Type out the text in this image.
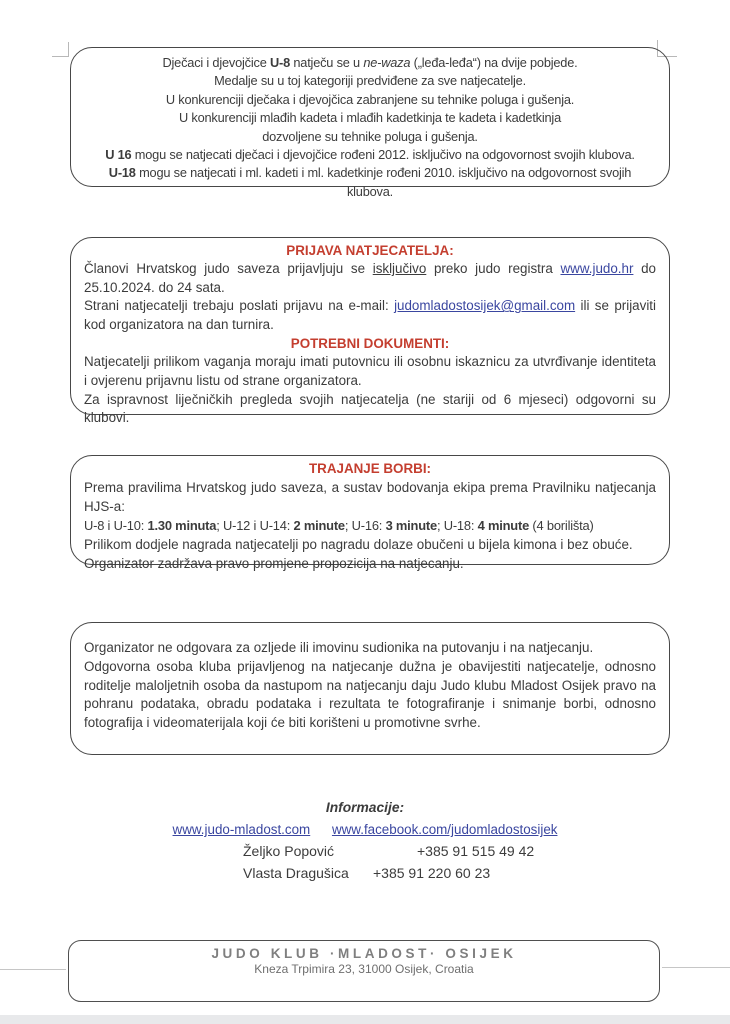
Dječaci i djevojčice U-8 natječu se u ne-waza („leđa-leđa“) na dvije pobjede.
Medalje su u toj kategoriji predviđene za sve natjecatelje.
U konkurenciji dječaka i djevojčica zabranjene su tehnike poluga i gušenja.
U konkurenciji mlađih kadeta i mlađih kadetkinja te kadeta i kadetkinja
dozvoljene su tehnike poluga i gušenja.
U 16 mogu se natjecati dječaci i djevojčice rođeni 2012. isključivo na odgovornost svojih klubova.
U-18 mogu se natjecati i ml. kadeti i ml. kadetkinje rođeni 2010. isključivo na odgovornost svojih
klubova.
PRIJAVA NATJECATELJA:

Članovi Hrvatskog judo saveza prijavljuju se isključivo preko judo registra www.judo.hr do 25.10.2024. do 24 sata.

Strani natjecatelji trebaju poslati prijavu na e-mail: judomladostosijek@gmail.com ili se prijaviti kod organizatora na dan turnira.

POTREBNI DOKUMENTI:

Natjecatelji prilikom vaganja moraju imati putovnicu ili osobnu iskaznicu za utvrđivanje identiteta i ovjerenu prijavnu listu od strane organizatora.

Za ispravnost liječničkih pregleda svojih natjecatelja (ne stariji od 6 mjeseci) odgovorni su klubovi.

TRAJANJE BORBI:

Prema pravilima Hrvatskog judo saveza, a sustav bodovanja ekipa prema Pravilniku natjecanja HJS-a:

U-8 i U-10: 1.30 minuta; U-12 i U-14: 2 minute; U-16: 3 minute; U-18: 4 minute (4 borilišta)

Prilikom dodjele nagrada natjecatelji po nagradu dolaze obučeni u bijela kimona i bez obuće.

Organizator zadržava pravo promjene propozicija na natjecanju.

Organizator ne odgovara za ozljede ili imovinu sudionika na putovanju i na natjecanju.

Odgovorna osoba kluba prijavljenog na natjecanje dužna je obavijestiti natjecatelje, odnosno roditelje maloljetnih osoba da nastupom na natjecanju daju Judo klubu Mladost Osijek pravo na pohranu podataka, obradu podataka i rezultata te fotografiranje i snimanje borbi, odnosno fotografija i videomaterijala koji će biti korišteni u promotivne svrhe.

Informacije:
www.judo-mladost.com www.facebook.com/judomladostosijek
Željko Popović	+385 91 515 49 42
Vlasta Dragušica	+385 91 220 60 23
JUDO KLUB ·MLADOST· OSIJEK
Kneza Trpimira 23, 31000 Osijek, Croatia
